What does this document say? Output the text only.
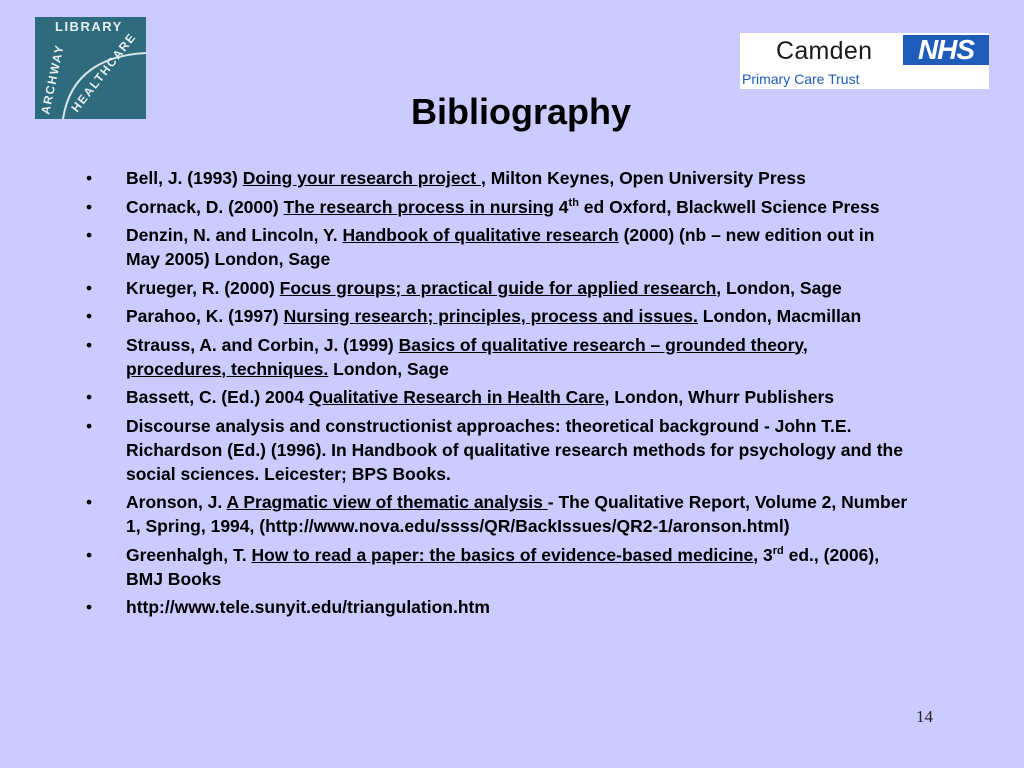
LIBRARY
ARCHWAY HEALTHCARE	Camden	NHS
Primary Care Trust
Bibliography
• Bell, J. (1993) Doing your research project , Milton Keynes, Open University Press
• Cornack, D. (2000) The research process in nursing 4th ed Oxford, Blackwell Science Press
• Denzin, N. and Lincoln, Y. Handbook of qualitative research (2000) (nb – new edition out in May 2005) London, Sage
• Krueger, R. (2000) Focus groups; a practical guide for applied research, London, Sage
• Parahoo, K. (1997) Nursing research; principles, process and issues. London, Macmillan
• Strauss, A. and Corbin, J. (1999) Basics of qualitative research – grounded theory, procedures, techniques. London, Sage
• Bassett, C. (Ed.) 2004 Qualitative Research in Health Care, London, Whurr Publishers
• Discourse analysis and constructionist approaches: theoretical background - John T.E. Richardson (Ed.) (1996). In Handbook of qualitative research methods for psychology and the social sciences. Leicester; BPS Books.
• Aronson, J. A Pragmatic view of thematic analysis - The Qualitative Report, Volume 2, Number 1, Spring, 1994, (http://www.nova.edu/ssss/QR/BackIssues/QR2-1/aronson.html)
• Greenhalgh, T. How to read a paper: the basics of evidence-based medicine, 3rd ed., (2006), BMJ Books
• http://www.tele.sunyit.edu/triangulation.htm
14
